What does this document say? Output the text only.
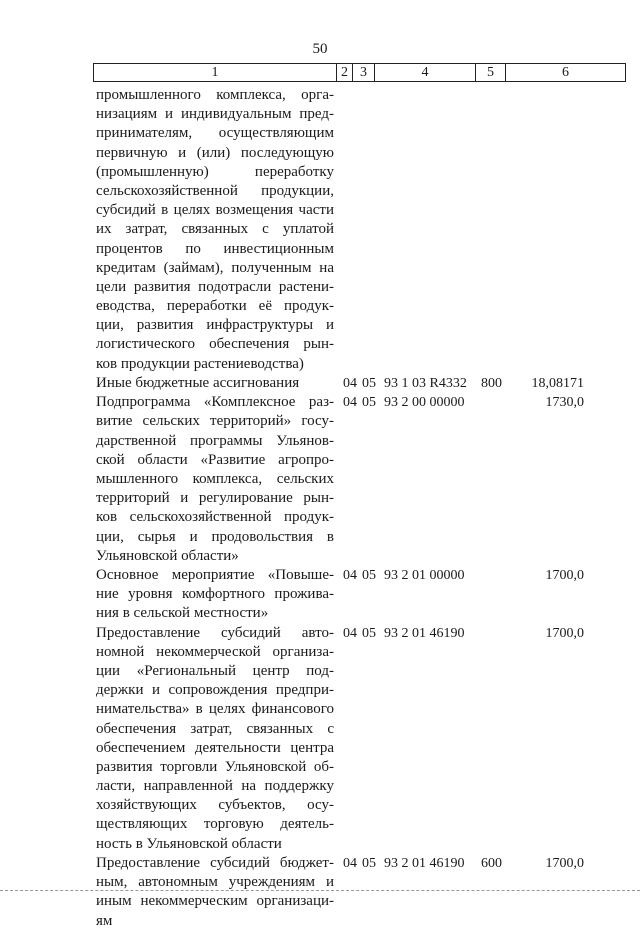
50
1	2 3	4	5	6
промышленного комплекса, орга-
низациям и индивидуальным пред-
принимателям, осуществляющим
первичную и (или) последующую
(промышленную) переработку
сельскохозяйственной продукции,
субсидий в целях возмещения части
их затрат, связанных с уплатой
процентов по инвестиционным
кредитам (займам), полученным на
цели развития подотрасли растени-
еводства, переработки её продук-
ции, развития инфраструктуры и
логистического обеспечения рын-
ков продукции растениеводства)
Иные бюджетные ассигнования	04 05 93 1 03 R4332 800	18,08171
Подпрограмма «Комплексное раз-
витие сельских территорий» госу-
дарственной программы Ульянов-
ской области «Развитие агропро-
мышленного комплекса, сельских
территорий и регулирование рын-
ков сельскохозяйственной продук-
ции, сырья и продовольствия в
Ульяновской области»
04 05 93 2 00 00000	1730,0
Основное мероприятие «Повыше-
ние уровня комфортного прожива-
ния в сельской местности»
04 05 93 2 01 00000	1700,0
Предоставление субсидий авто-
номной некоммерческой организа-
ции «Региональный центр под-
держки и сопровождения предпри-
нимательства» в целях финансового
обеспечения затрат, связанных с
обеспечением деятельности центра
развития торговли Ульяновской об-
ласти, направленной на поддержку
хозяйствующих субъектов, осу-
ществляющих торговую деятель-
ность в Ульяновской области
04 05 93 2 01 46190	1700,0
Предоставление субсидий бюджет-
ным, автономным учреждениям и
иным некоммерческим организаци-
ям
04 05 93 2 01 46190 600	1700,0
